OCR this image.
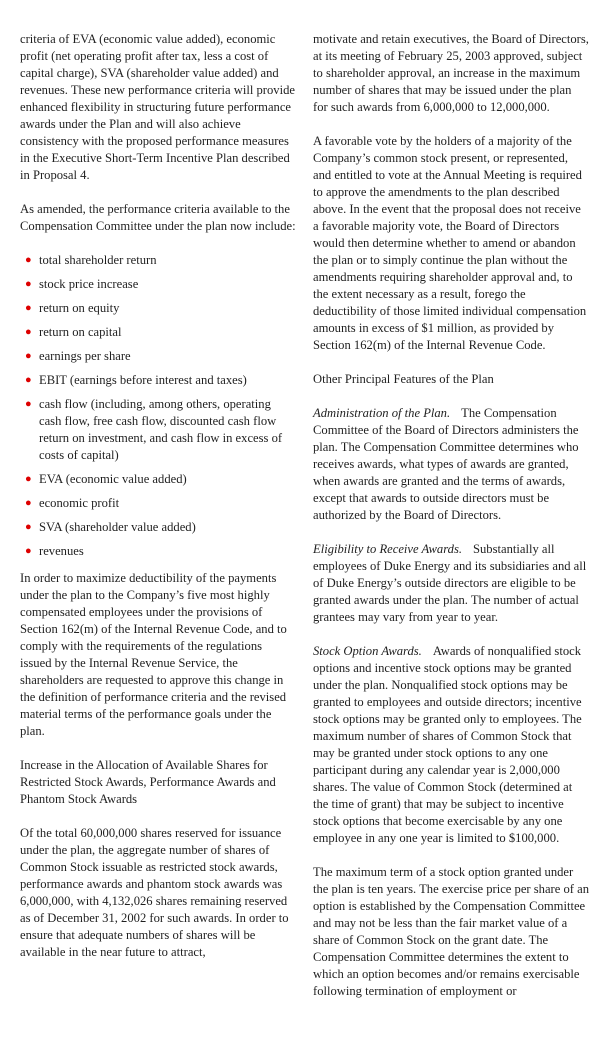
criteria of EVA (economic value added), economic profit (net operating profit after tax, less a cost of capital charge), SVA (shareholder value added) and revenues. These new performance criteria will provide enhanced flexibility in structuring future performance awards under the Plan and will also achieve consistency with the proposed performance measures in the Executive Short-Term Incentive Plan described in Proposal 4.

As amended, the performance criteria available to the Compensation Committee under the plan now include:

● total shareholder return
● stock price increase
● return on equity
● return on capital
● earnings per share
● EBIT (earnings before interest and taxes)
● cash flow (including, among others, operating cash flow, free cash flow, discounted cash flow return on investment, and cash flow in excess of costs of capital)
● EVA (economic value added)
● economic profit
● SVA (shareholder value added)
● revenues

In order to maximize deductibility of the payments under the plan to the Company’s five most highly compensated employees under the provisions of Section 162(m) of the Internal Revenue Code, and to comply with the requirements of the regulations issued by the Internal Revenue Service, the shareholders are requested to approve this change in the definition of performance criteria and the revised material terms of the performance goals under the plan.

Increase in the Allocation of Available Shares for Restricted Stock Awards, Performance Awards and Phantom Stock Awards

Of the total 60,000,000 shares reserved for issuance under the plan, the aggregate number of shares of Common Stock issuable as restricted stock awards, performance awards and phantom stock awards was 6,000,000, with 4,132,026 shares remaining reserved as of December 31, 2002 for such awards. In order to ensure that adequate numbers of shares will be available in the near future to attract,

motivate and retain executives, the Board of Directors, at its meeting of February 25, 2003 approved, subject to shareholder approval, an increase in the maximum number of shares that may be issued under the plan for such awards from 6,000,000 to 12,000,000.

A favorable vote by the holders of a majority of the Company’s common stock present, or represented, and entitled to vote at the Annual Meeting is required to approve the amendments to the plan described above. In the event that the proposal does not receive a favorable majority vote, the Board of Directors would then determine whether to amend or abandon the plan or to simply continue the plan without the amendments requiring shareholder approval and, to the extent necessary as a result, forego the deductibility of those limited individual compensation amounts in excess of $1 million, as provided by Section 162(m) of the Internal Revenue Code.

Other Principal Features of the Plan

Administration of the Plan. The Compensation Committee of the Board of Directors administers the plan. The Compensation Committee determines who receives awards, what types of awards are granted, when awards are granted and the terms of awards, except that awards to outside directors must be authorized by the Board of Directors.

Eligibility to Receive Awards. Substantially all employees of Duke Energy and its subsidiaries and all of Duke Energy’s outside directors are eligible to be granted awards under the plan. The number of actual grantees may vary from year to year.

Stock Option Awards. Awards of nonqualified stock options and incentive stock options may be granted under the plan. Nonqualified stock options may be granted to employees and outside directors; incentive stock options may be granted only to employees. The maximum number of shares of Common Stock that may be granted under stock options to any one participant during any calendar year is 2,000,000 shares. The value of Common Stock (determined at the time of grant) that may be subject to incentive stock options that become exercisable by any one employee in any one year is limited to $100,000.

The maximum term of a stock option granted under the plan is ten years. The exercise price per share of an option is established by the Compensation Committee and may not be less than the fair market value of a share of Common Stock on the grant date. The Compensation Committee determines the extent to which an option becomes and/or remains exercisable following termination of employment or
